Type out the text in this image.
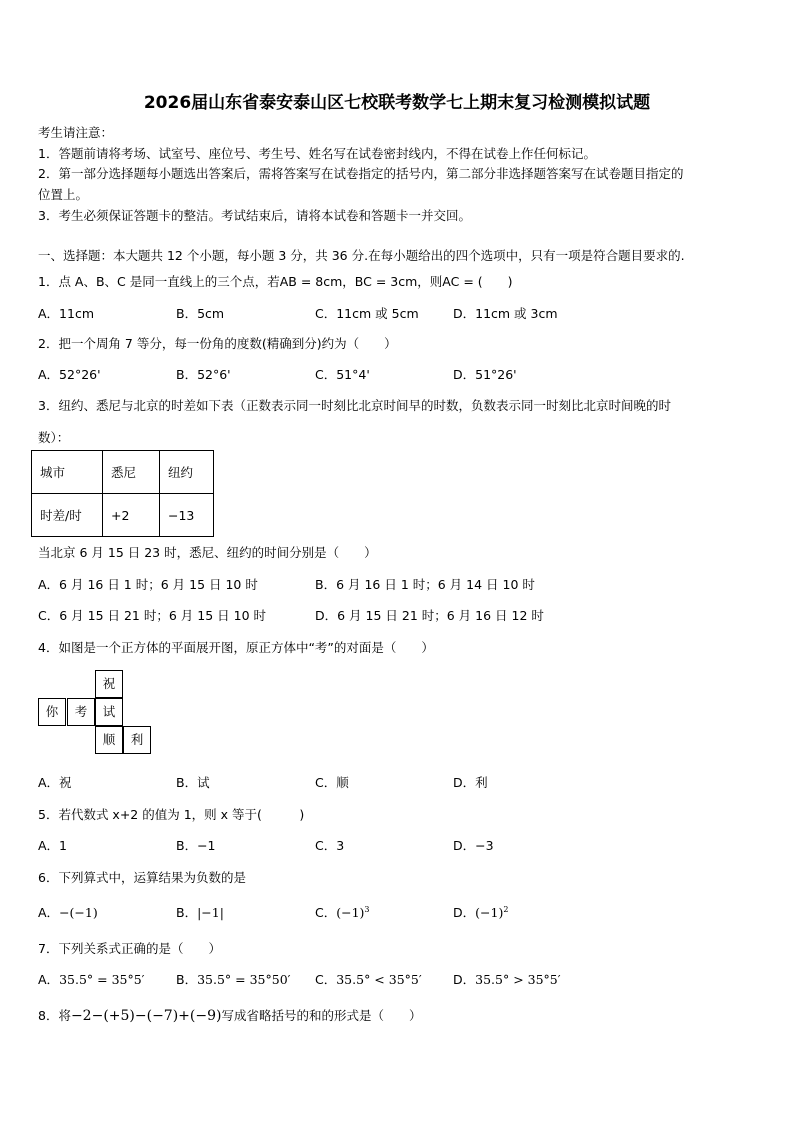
2026届山东省泰安泰山区七校联考数学七上期末复习检测模拟试题
考生请注意：
1．答题前请将考场、试室号、座位号、考生号、姓名写在试卷密封线内，不得在试卷上作任何标记。
2．第一部分选择题每小题选出答案后，需将答案写在试卷指定的括号内，第二部分非选择题答案写在试卷题目指定的
位置上。
3．考生必须保证答题卡的整洁。考试结束后，请将本试卷和答题卡一并交回。
一、选择题：本大题共 12 个小题，每小题 3 分，共 36 分.在每小题给出的四个选项中，只有一项是符合题目要求的.
1．点 A、B、C 是同一直线上的三个点，若AB = 8cm，BC = 3cm，则AC = (　　)
A．11cm	B．5cm	C．11cm 或 5cm	D．11cm 或 3cm
2．把一个周角 7 等分，每一份角的度数(精确到分)约为（　　）
A．52°26'	B．52°6'	C．51°4'	D．51°26'
3．纽约、悉尼与北京的时差如下表（正数表示同一时刻比北京时间早的时数，负数表示同一时刻比北京时间晚的时
数）：
城市	悉尼	纽约
时差/时	+2	−13
当北京 6 月 15 日 23 时，悉尼、纽约的时间分别是（　　）
A．6 月 16 日 1 时；6 月 15 日 10 时	B．6 月 16 日 1 时；6 月 14 日 10 时
C．6 月 15 日 21 时；6 月 15 日 10 时	D．6 月 15 日 21 时；6 月 16 日 12 时
4．如图是一个正方体的平面展开图，原正方体中“考”的对面是（　　）
祝
你	考	试
顺	利
A．祝	B．试	C．顺	D．利
5．若代数式 x+2 的值为 1，则 x 等于(　　　)
A．1	B．−1	C．3	D．−3
6．下列算式中，运算结果为负数的是
A．−(−1)	B．|−1|	C．$(-1)^3$	D．$(-1)^2$
7．下列关系式正确的是（　　）
A．35.5° = 35°5′	B．35.5° = 35°50′ C．35.5° < 35°5′	D．35.5° > 35°5′
8．将−2−(+5)−(−7)+(−9)写成省略括号的和的形式是（　　）
